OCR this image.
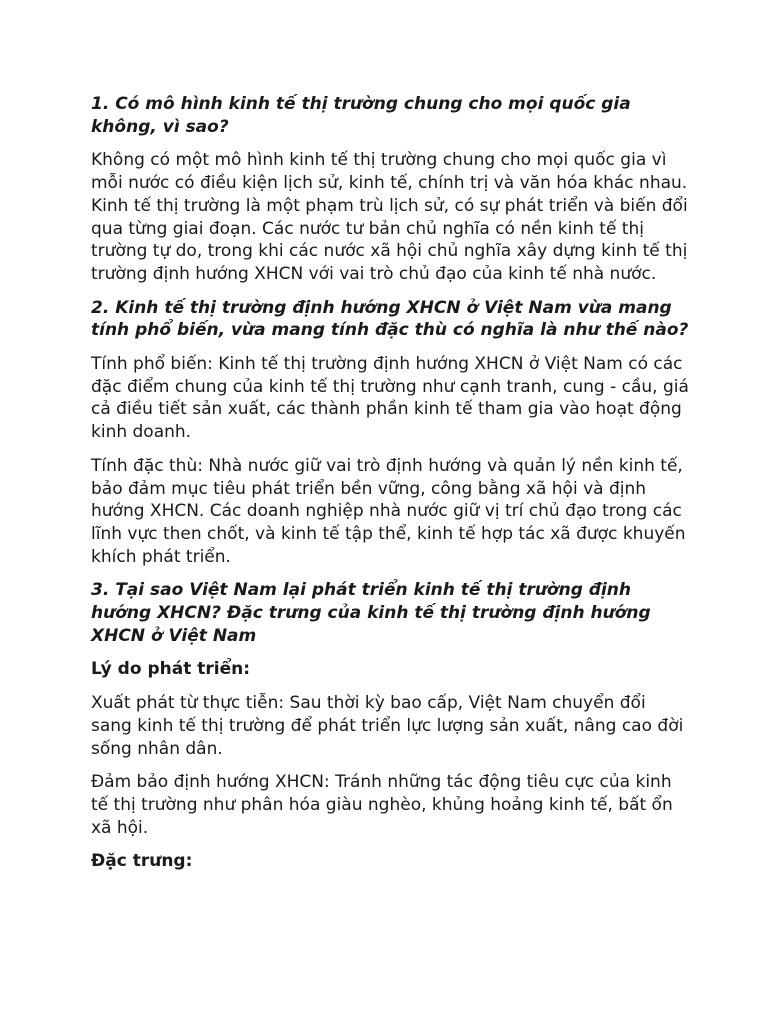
1. Có mô hình kinh tế thị trường chung cho mọi quốc gia không, vì sao?
Không có một mô hình kinh tế thị trường chung cho mọi quốc gia vì mỗi nước có điều kiện lịch sử, kinh tế, chính trị và văn hóa khác nhau. Kinh tế thị trường là một phạm trù lịch sử, có sự phát triển và biến đổi qua từng giai đoạn. Các nước tư bản chủ nghĩa có nền kinh tế thị trường tự do, trong khi các nước xã hội chủ nghĩa xây dựng kinh tế thị trường định hướng XHCN với vai trò chủ đạo của kinh tế nhà nước.
2. Kinh tế thị trường định hướng XHCN ở Việt Nam vừa mang tính phổ biến, vừa mang tính đặc thù có nghĩa là như thế nào?
Tính phổ biến: Kinh tế thị trường định hướng XHCN ở Việt Nam có các đặc điểm chung của kinh tế thị trường như cạnh tranh, cung - cầu, giá cả điều tiết sản xuất, các thành phần kinh tế tham gia vào hoạt động kinh doanh.
Tính đặc thù: Nhà nước giữ vai trò định hướng và quản lý nền kinh tế, bảo đảm mục tiêu phát triển bền vững, công bằng xã hội và định hướng XHCN. Các doanh nghiệp nhà nước giữ vị trí chủ đạo trong các lĩnh vực then chốt, và kinh tế tập thể, kinh tế hợp tác xã được khuyến khích phát triển.
3. Tại sao Việt Nam lại phát triển kinh tế thị trường định hướng XHCN? Đặc trưng của kinh tế thị trường định hướng XHCN ở Việt Nam
Lý do phát triển:
Xuất phát từ thực tiễn: Sau thời kỳ bao cấp, Việt Nam chuyển đổi sang kinh tế thị trường để phát triển lực lượng sản xuất, nâng cao đời sống nhân dân.
Đảm bảo định hướng XHCN: Tránh những tác động tiêu cực của kinh tế thị trường như phân hóa giàu nghèo, khủng hoảng kinh tế, bất ổn xã hội.
Đặc trưng:
